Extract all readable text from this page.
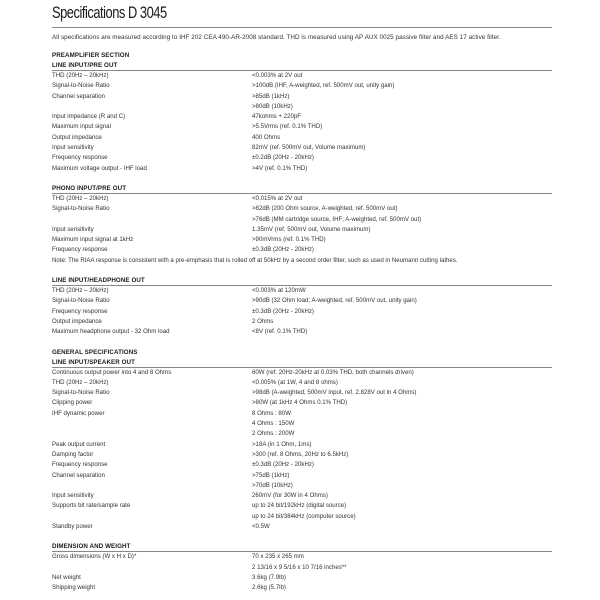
Specifications D 3045
All specifications are measured according to IHF 202 CEA 490-AR-2008 standard. THD is measured using AP AUX 0025 passive filter and AES 17 active filter.
PREAMPLIFIER SECTION
LINE INPUT/PRE OUT
THD (20Hz – 20kHz)	<0.003% at 2V out
Signal-to-Noise Ratio	>100dB (IHF, A-weighted, ref. 500mV out, unity gain)
Channel separation	>85dB (1kHz)
>80dB (10kHz)
Input impedance (R and C)	47kohms + 220pF
Maximum input signal	>5.5Vrms (ref. 0.1% THD)
Output impedance	400 Ohms
Input sensitivity	82mV (ref. 500mV out, Volume maximum)
Frequency response	±0.2dB (20Hz - 20kHz)
Maximum voltage output - IHF load	>4V (ref. 0.1% THD)
PHONO INPUT/PRE OUT
THD (20Hz – 20kHz)	<0.015% at 2V out
Signal-to-Noise Ratio	>82dB (200 Ohm source, A-weighted, ref. 500mV out)
>76dB (MM cartridge source, IHF; A-weighted, ref. 500mV out)
Input sensitivity	1.35mV (ref. 500mV out, Volume maximum)
Maximum input signal at 1kHz	>90mVrms (ref. 0.1% THD)
Frequency response	±0.3dB (20Hz - 20kHz)
Note: The RIAA response is consistent with a pre-emphasis that is rolled off at 50kHz by a second order filter, such as used in Neumann cutting lathes.
LINE INPUT/HEADPHONE OUT
THD (20Hz – 20kHz)	<0.003% at 120mW
Signal-to-Noise Ratio	>90dB (32 Ohm load; A-weighted, ref. 500mV out, unity gain)
Frequency response	±0.3dB (20Hz - 20kHz)
Output impedance	2 Ohms
Maximum headphone output - 32 Ohm load	<8V (ref. 0.1% THD)
GENERAL SPECIFICATIONS
LINE INPUT/SPEAKER OUT
Continuous output power into 4 and 8 Ohms	60W (ref. 20Hz-20kHz at 0.03% THD, both channels driven)
THD (20Hz – 20kHz)	<0.005% (at 1W, 4 and 8 ohms)
Signal-to-Noise Ratio	>98dB (A-weighted, 500mV input, ref. 2.828V out in 4 Ohms)
Clipping power	>80W (at 1kHz 4 Ohms 0.1% THD)
IHF dynamic power	8 Ohms : 80W
4 Ohms : 150W
2 Ohms : 200W
Peak output current	>18A (in 1 Ohm, 1ms)
Damping factor	>300 (ref. 8 Ohms, 20Hz to 6.5kHz)
Frequency response	±0.3dB (20Hz - 20kHz)
Channel separation	>75dB (1kHz)
>70dB (10kHz)
Input sensitivity	260mV (for 30W in 4 Ohms)
Supports bit rate/sample rate	up to 24 bit/192kHz (digital source)
up to 24 bit/384kHz (computer source)
Standby power	<0.5W
DIMENSION AND WEIGHT
Gross dimensions (W x H x D)*	70 x 235 x 265 mm
2 13/16 x 9 5/16 x 10 7/16 inches**
Net weight	3.6kg (7.9lb)
Shipping weight	2.6kg (5.7lb)
